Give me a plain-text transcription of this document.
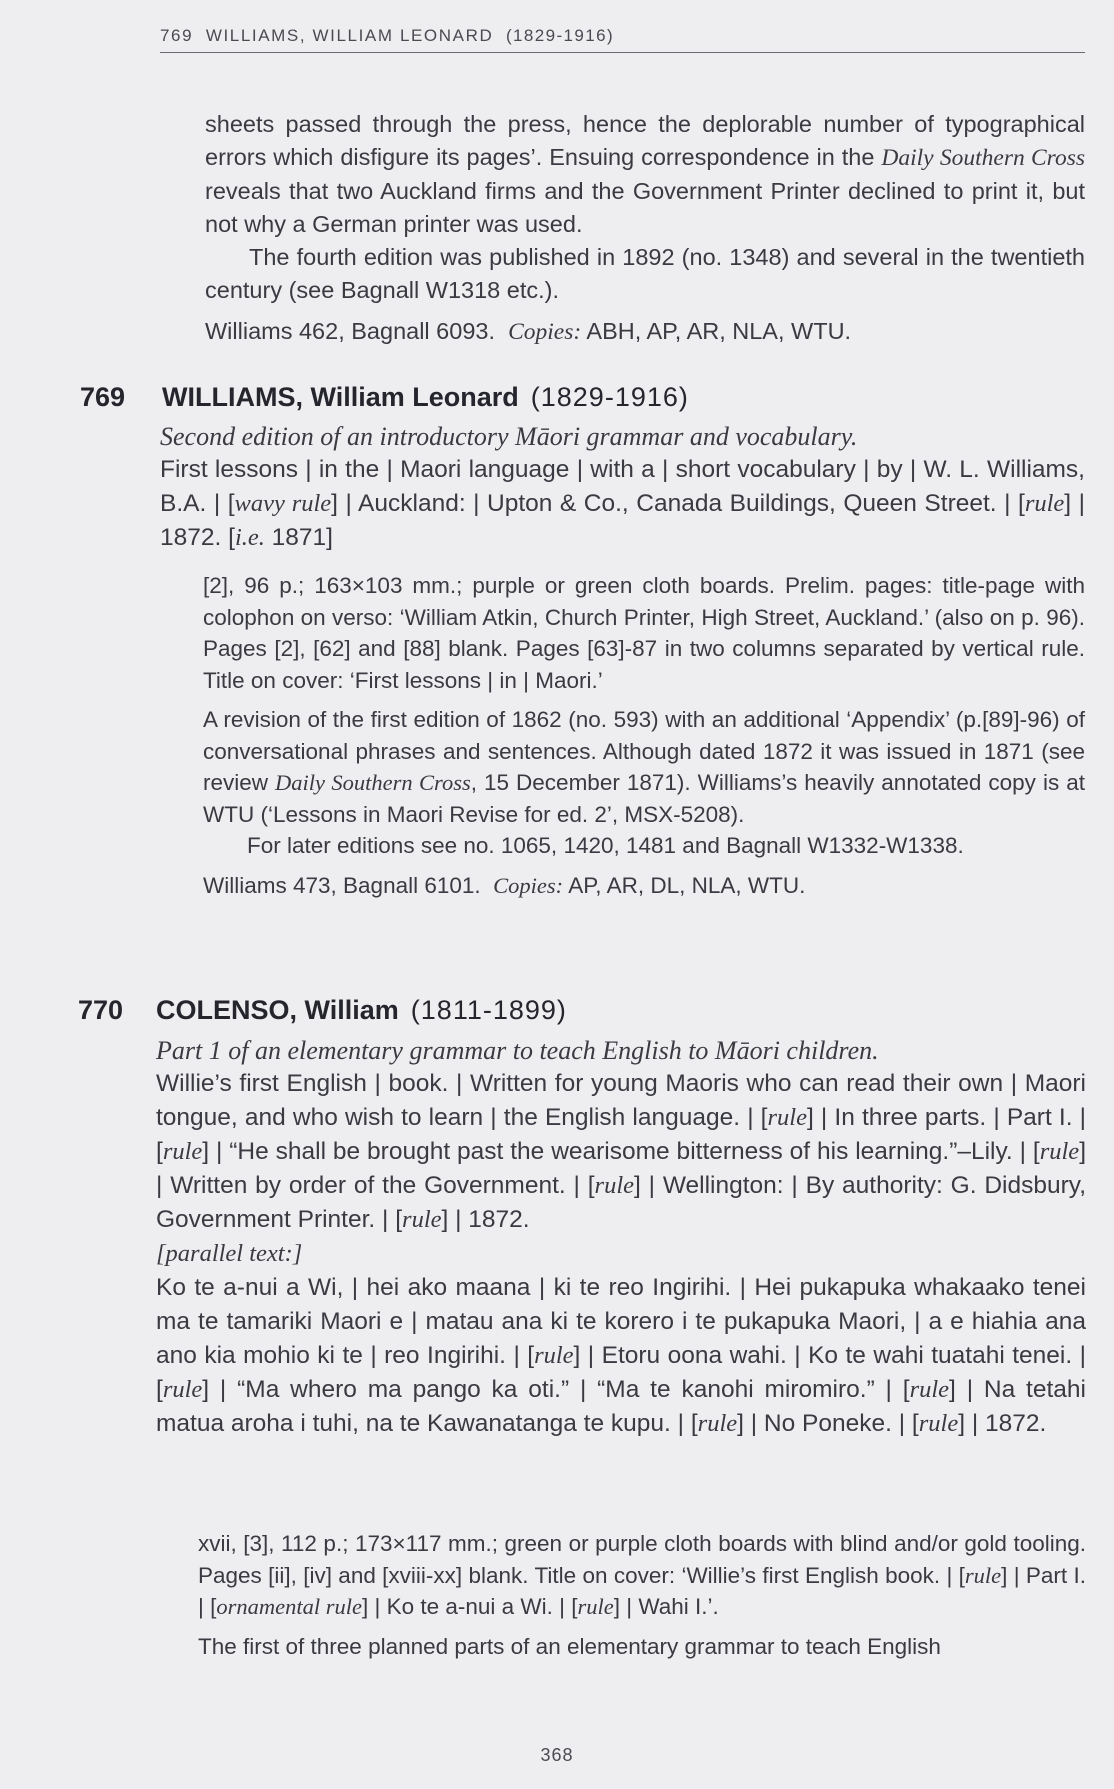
769 WILLIAMS, WILLIAM LEONARD (1829-1916)

sheets passed through the press, hence the deplorable number of typographical errors which disfigure its pages’. Ensuing correspondence in the Daily Southern Cross reveals that two Auckland firms and the Government Printer declined to print it, but not why a German printer was used.

The fourth edition was published in 1892 (no. 1348) and several in the twentieth century (see Bagnall W1318 etc.).

Williams 462, Bagnall 6093. Copies: ABH, AP, AR, NLA, WTU.

769 WILLIAMS, William Leonard (1829-1916)

Second edition of an introductory Māori grammar and vocabulary.

First lessons | in the | Maori language | with a | short vocabulary | by | W. L. Williams, B.A. | [wavy rule] | Auckland: | Upton & Co., Canada Buildings, Queen Street. | [rule] | 1872. [i.e. 1871]

[2], 96 p.; 163×103 mm.; purple or green cloth boards. Prelim. pages: title-page with colophon on verso: ‘William Atkin, Church Printer, High Street, Auckland.’ (also on p. 96). Pages [2], [62] and [88] blank. Pages [63]-87 in two columns separated by vertical rule. Title on cover: ‘First lessons | in | Maori.’

A revision of the first edition of 1862 (no. 593) with an additional ‘Appendix’ (p.[89]-96) of conversational phrases and sentences. Although dated 1872 it was issued in 1871 (see review Daily Southern Cross, 15 December 1871). Williams’s heavily annotated copy is at WTU (‘Lessons in Maori Revise for ed. 2’, MSX-5208).

For later editions see no. 1065, 1420, 1481 and Bagnall W1332-W1338.

Williams 473, Bagnall 6101. Copies: AP, AR, DL, NLA, WTU.

770 COLENSO, William (1811-1899)

Part 1 of an elementary grammar to teach English to Māori children.

Willie’s first English | book. | Written for young Maoris who can read their own | Maori tongue, and who wish to learn | the English language. | [rule] | In three parts. | Part I. | [rule] | “He shall be brought past the wearisome bitterness of his learning.”–Lily. | [rule] | Written by order of the Government. | [rule] | Wellington: | By authority: G. Didsbury, Government Printer. | [rule] | 1872.

[parallel text:]

Ko te a-nui a Wi, | hei ako maana | ki te reo Ingirihi. | Hei pukapuka whakaako tenei ma te tamariki Maori e | matau ana ki te korero i te pukapuka Maori, | a e hiahia ana ano kia mohio ki te | reo Ingirihi. | [rule] | Etoru oona wahi. | Ko te wahi tuatahi tenei. | [rule] | “Ma whero ma pango ka oti.” | “Ma te kanohi miromiro.” | [rule] | Na tetahi matua aroha i tuhi, na te Kawanatanga te kupu. | [rule] | No Poneke. | [rule] | 1872.

xvii, [3], 112 p.; 173×117 mm.; green or purple cloth boards with blind and/or gold tooling. Pages [ii], [iv] and [xviii-xx] blank. Title on cover: ‘Willie’s first English book. | [rule] | Part I. | [ornamental rule] | Ko te a-nui a Wi. | [rule] | Wahi I.’.

The first of three planned parts of an elementary grammar to teach English

368
